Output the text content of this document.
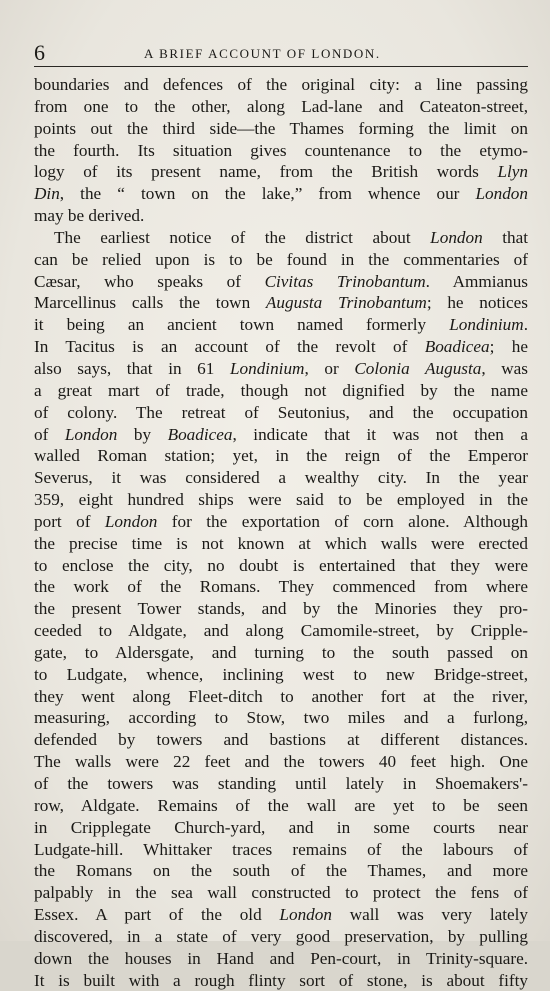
6	A BRIEF ACCOUNT OF LONDON.
boundaries and defences of the original city: a line passing
from one to the other, along Lad-lane and Cateaton-street,
points out the third side—the Thames forming the limit on
the fourth. Its situation gives countenance to the etymo-
logy of its present name, from the British words Llyn
Din, the “ town on the lake,” from whence our London
may be derived.
The earliest notice of the district about London that
can be relied upon is to be found in the commentaries of
Cæsar, who speaks of Civitas Trinobantum. Ammianus
Marcellinus calls the town Augusta Trinobantum; he notices
it being an ancient town named formerly Londinium.
In Tacitus is an account of the revolt of Boadicea; he
also says, that in 61 Londinium, or Colonia Augusta, was
a great mart of trade, though not dignified by the name
of colony. The retreat of Seutonius, and the occupation
of London by Boadicea, indicate that it was not then a
walled Roman station; yet, in the reign of the Emperor
Severus, it was considered a wealthy city. In the year
359, eight hundred ships were said to be employed in the
port of London for the exportation of corn alone. Although
the precise time is not known at which walls were erected
to enclose the city, no doubt is entertained that they were
the work of the Romans. They commenced from where
the present Tower stands, and by the Minories they pro-
ceeded to Aldgate, and along Camomile-street, by Cripple-
gate, to Aldersgate, and turning to the south passed on
to Ludgate, whence, inclining west to new Bridge-street,
they went along Fleet-ditch to another fort at the river,
measuring, according to Stow, two miles and a furlong,
defended by towers and bastions at different distances.
The walls were 22 feet and the towers 40 feet high. One
of the towers was standing until lately in Shoemakers'-
row, Aldgate. Remains of the wall are yet to be seen
in Cripplegate Church-yard, and in some courts near
Ludgate-hill. Whittaker traces remains of the labours of
the Romans on the south of the Thames, and more
palpably in the sea wall constructed to protect the fens of
Essex. A part of the old London wall was very lately
discovered, in a state of very good preservation, by pulling
down the houses in Hand and Pen-court, in Trinity-square.
It is built with a rough flinty sort of stone, is about fifty
